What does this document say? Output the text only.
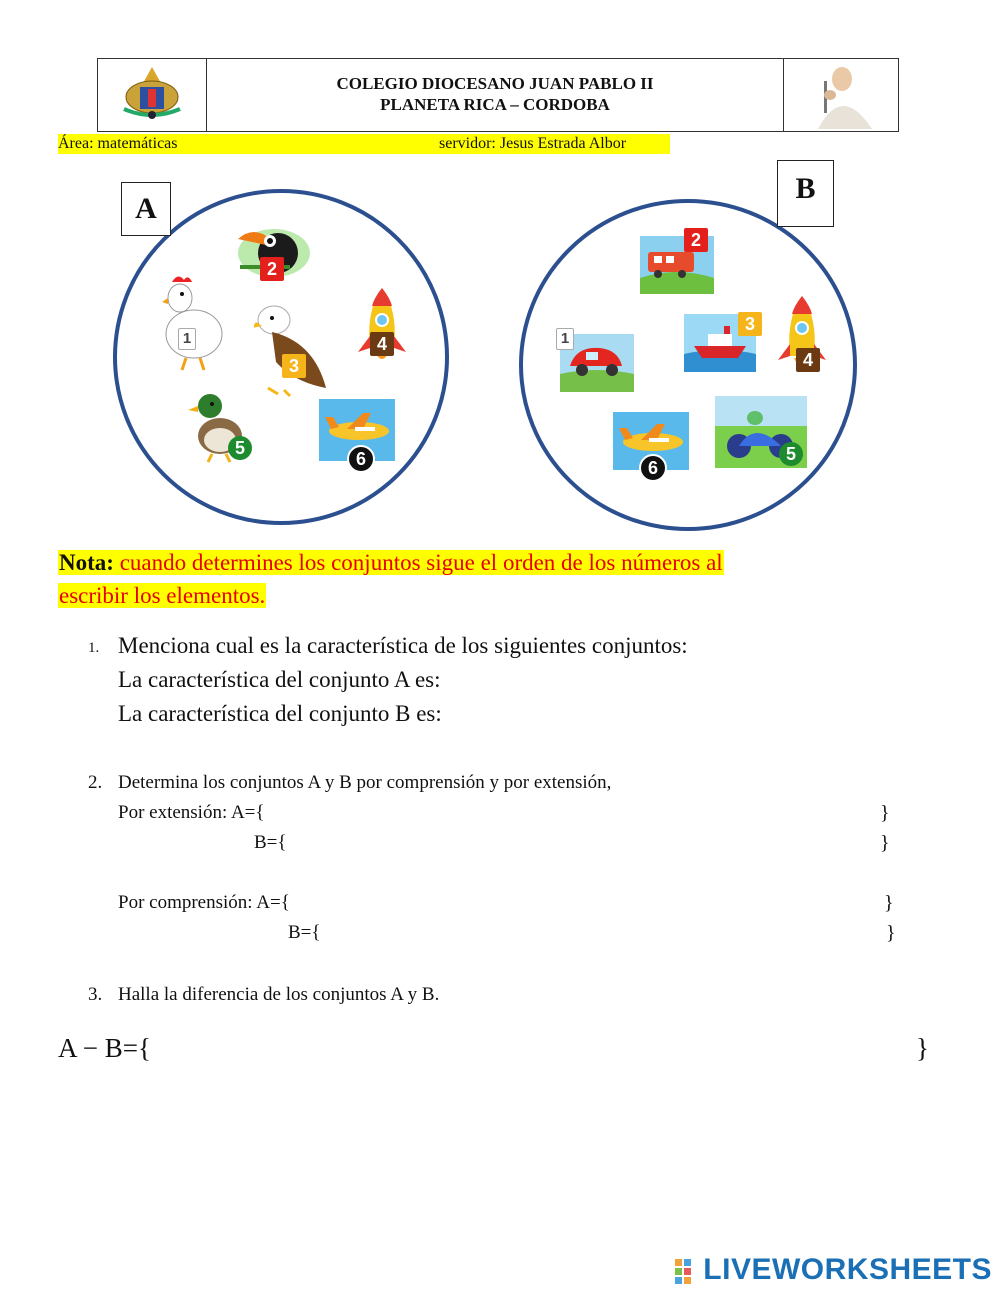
COLEGIO DIOCESANO JUAN PABLO II
PLANETA RICA – CORDOBA
Área: matemáticas	servidor: Jesus Estrada Albor
A
2
1
3
4
5
6
B
2
1
3
4
6
5
Nota: cuando determines los conjuntos sigue el orden de los números al
escribir los elementos.
1. Menciona cual es la característica de los siguientes conjuntos:
La característica del conjunto A es:
La característica del conjunto B es:
2. Determina los conjuntos A y B por comprensión y por extensión,
Por extensión: A={	}
B={	}
Por comprensión: A={	}
B={	}
3. Halla la diferencia de los conjuntos A y B.
A − B={	}
LIVEWORKSHEETS
